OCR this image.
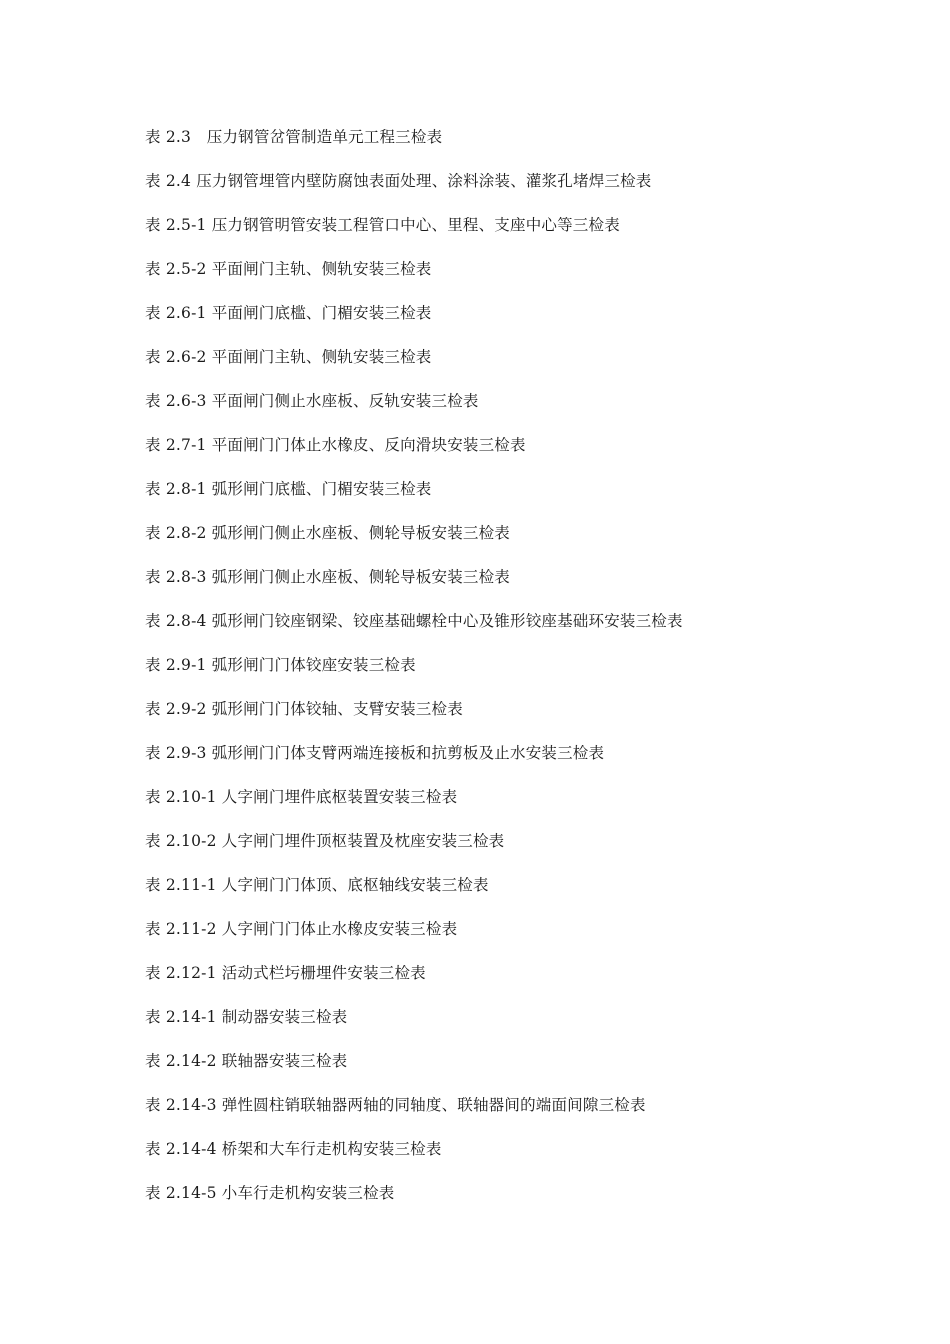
表 2.3　压力钢管岔管制造单元工程三检表
表 2.4 压力钢管埋管内壁防腐蚀表面处理、涂料涂装、灌浆孔堵焊三检表
表 2.5-1 压力钢管明管安装工程管口中心、里程、支座中心等三检表
表 2.5-2 平面闸门主轨、侧轨安装三检表
表 2.6-1 平面闸门底槛、门楣安装三检表
表 2.6-2 平面闸门主轨、侧轨安装三检表
表 2.6-3 平面闸门侧止水座板、反轨安装三检表
表 2.7-1 平面闸门门体止水橡皮、反向滑块安装三检表
表 2.8-1 弧形闸门底槛、门楣安装三检表
表 2.8-2 弧形闸门侧止水座板、侧轮导板安装三检表
表 2.8-3 弧形闸门侧止水座板、侧轮导板安装三检表
表 2.8-4 弧形闸门铰座钢梁、铰座基础螺栓中心及锥形铰座基础环安装三检表
表 2.9-1 弧形闸门门体铰座安装三检表
表 2.9-2 弧形闸门门体铰轴、支臂安装三检表
表 2.9-3 弧形闸门门体支臂两端连接板和抗剪板及止水安装三检表
表 2.10-1 人字闸门埋件底枢装置安装三检表
表 2.10-2 人字闸门埋件顶枢装置及枕座安装三检表
表 2.11-1 人字闸门门体顶、底枢轴线安装三检表
表 2.11-2 人字闸门门体止水橡皮安装三检表
表 2.12-1 活动式栏圬栅埋件安装三检表
表 2.14-1 制动器安装三检表
表 2.14-2 联轴器安装三检表
表 2.14-3 弹性圆柱销联轴器两轴的同轴度、联轴器间的端面间隙三检表
表 2.14-4 桥架和大车行走机构安装三检表
表 2.14-5 小车行走机构安装三检表
